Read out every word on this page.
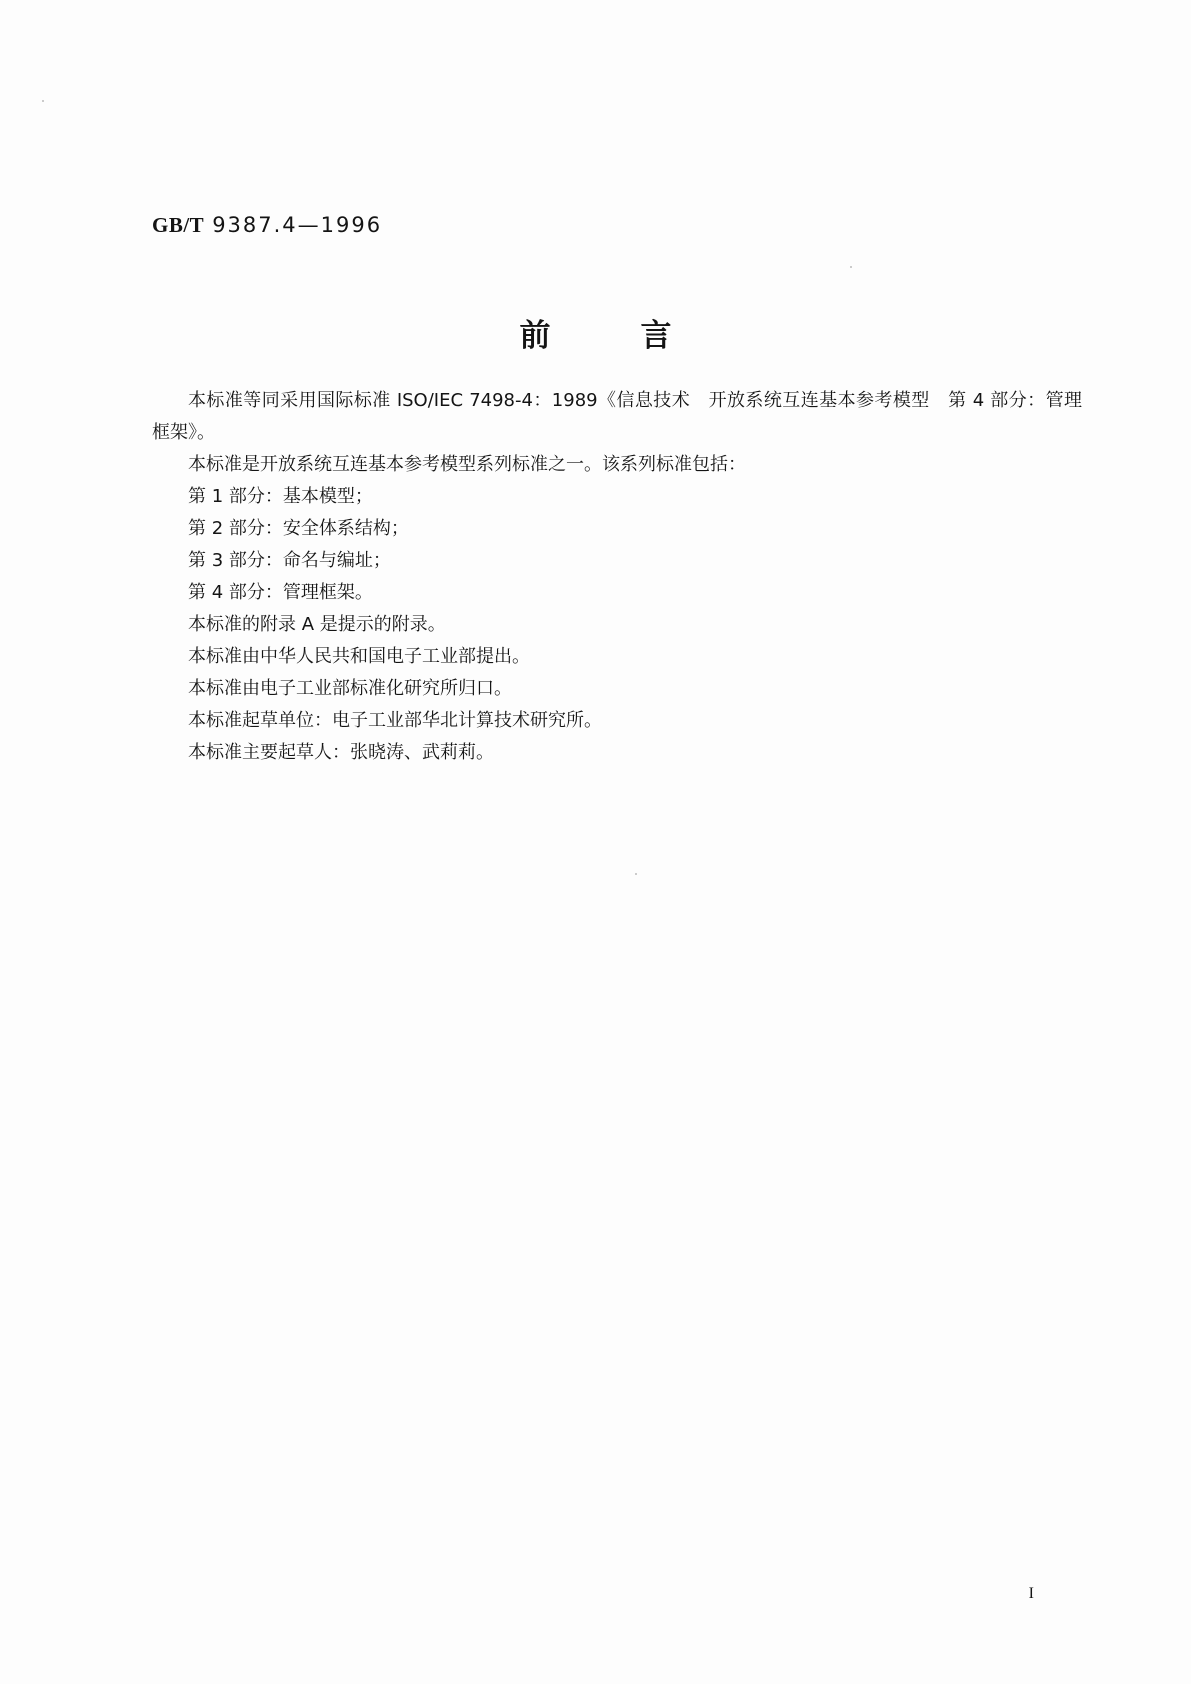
GB/T 9387.4—1996
前	言

本标准等同采用国际标准 ISO/IEC 7498-4：1989《信息技术　开放系统互连基本参考模型　第 4 部分：管理框架》。

本标准是开放系统互连基本参考模型系列标准之一。该系列标准包括：

第 1 部分：基本模型；

第 2 部分：安全体系结构；

第 3 部分：命名与编址；

第 4 部分：管理框架。

本标准的附录 A 是提示的附录。

本标准由中华人民共和国电子工业部提出。

本标准由电子工业部标准化研究所归口。

本标准起草单位：电子工业部华北计算技术研究所。

本标准主要起草人：张晓涛、武莉莉。

I
